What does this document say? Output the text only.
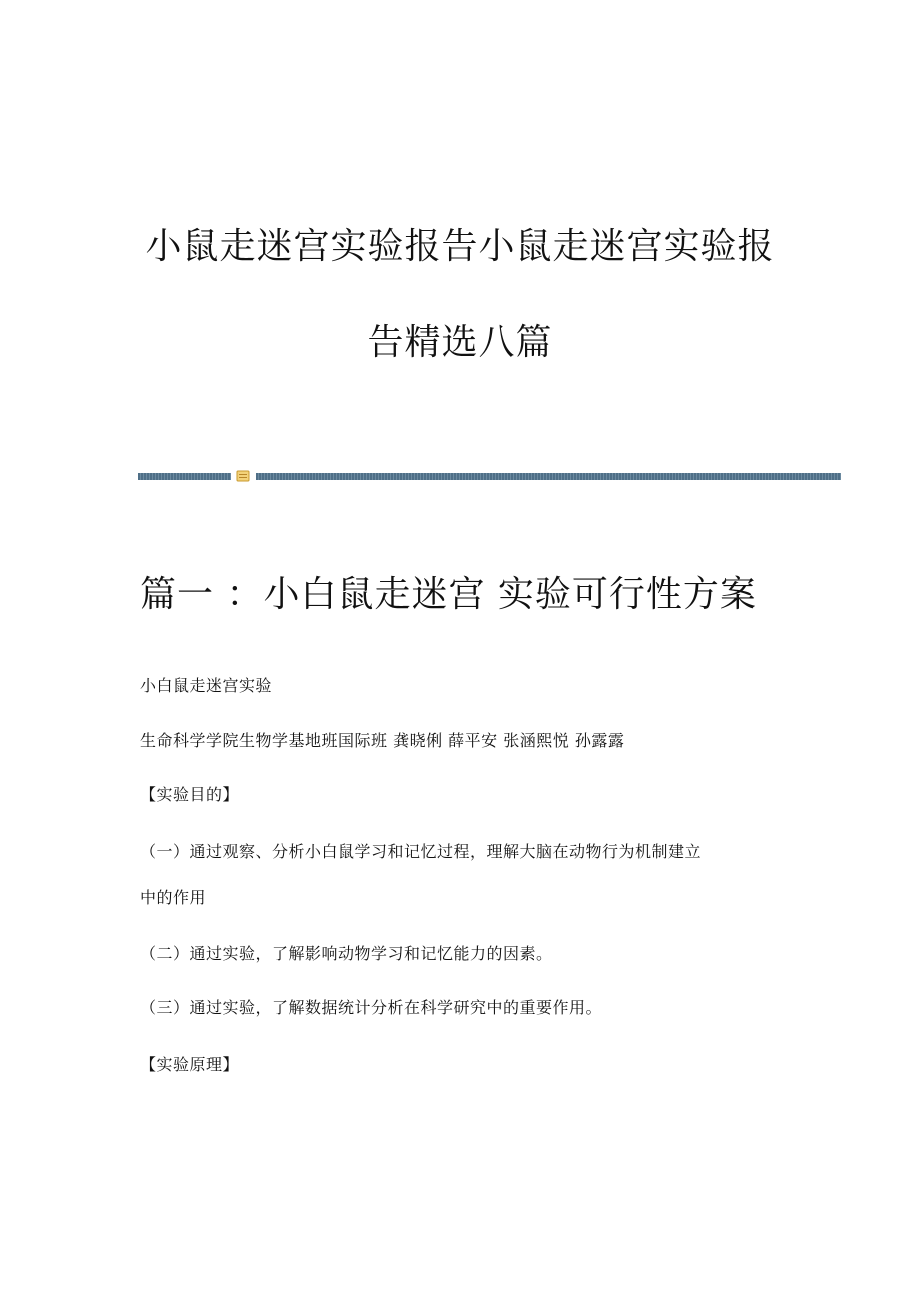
小鼠走迷宫实验报告小鼠走迷宫实验报
告精选八篇
篇一 ：小白鼠走迷宫 实验可行性方案

小白鼠走迷宫实验

生命科学学院生物学基地班国际班 龚晓俐 薛平安 张涵熙悦 孙露露

【实验目的】

（一）通过观察、分析小白鼠学习和记忆过程，理解大脑在动物行为机制建立

中的作用

（二）通过实验，了解影响动物学习和记忆能力的因素。

（三）通过实验，了解数据统计分析在科学研究中的重要作用。

【实验原理】
